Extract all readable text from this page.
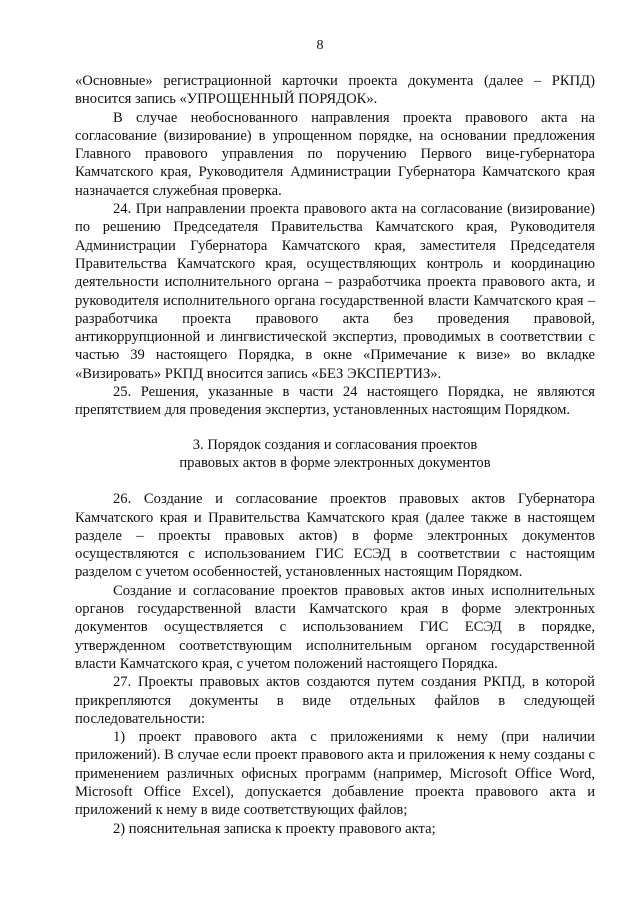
8

«Основные» регистрационной карточки проекта документа (далее – РКПД) вносится запись «УПРОЩЕННЫЙ ПОРЯДОК».

В случае необоснованного направления проекта правового акта на согласование (визирование) в упрощенном порядке, на основании предложения Главного правового управления по поручению Первого вице-губернатора Камчатского края, Руководителя Администрации Губернатора Камчатского края назначается служебная проверка.

24. При направлении проекта правового акта на согласование (визирование) по решению Председателя Правительства Камчатского края, Руководителя Администрации Губернатора Камчатского края, заместителя Председателя Правительства Камчатского края, осуществляющих контроль и координацию деятельности исполнительного органа – разработчика проекта правового акта, и руководителя исполнительного органа государственной власти Камчатского края – разработчика проекта правового акта без проведения правовой, антикоррупционной и лингвистической экспертиз, проводимых в соответствии с частью 39 настоящего Порядка, в окне «Примечание к визе» во вкладке «Визировать» РКПД вносится запись «БЕЗ ЭКСПЕРТИЗ».

25. Решения, указанные в части 24 настоящего Порядка, не являются препятствием для проведения экспертиз, установленных настоящим Порядком.

3. Порядок создания и согласования проектов
правовых актов в форме электронных документов

26. Создание и согласование проектов правовых актов Губернатора Камчатского края и Правительства Камчатского края (далее также в настоящем разделе – проекты правовых актов) в форме электронных документов осуществляются с использованием ГИС ЕСЭД в соответствии с настоящим разделом с учетом особенностей, установленных настоящим Порядком.

Создание и согласование проектов правовых актов иных исполнительных органов государственной власти Камчатского края в форме электронных документов осуществляется с использованием ГИС ЕСЭД в порядке, утвержденном соответствующим исполнительным органом государственной власти Камчатского края, с учетом положений настоящего Порядка.

27. Проекты правовых актов создаются путем создания РКПД, в которой прикрепляются документы в виде отдельных файлов в следующей последовательности:

1) проект правового акта с приложениями к нему (при наличии приложений). В случае если проект правового акта и приложения к нему созданы с применением различных офисных программ (например, Microsoft Office Word, Microsoft Office Excel), допускается добавление проекта правового акта и приложений к нему в виде соответствующих файлов;

2) пояснительная записка к проекту правового акта;
